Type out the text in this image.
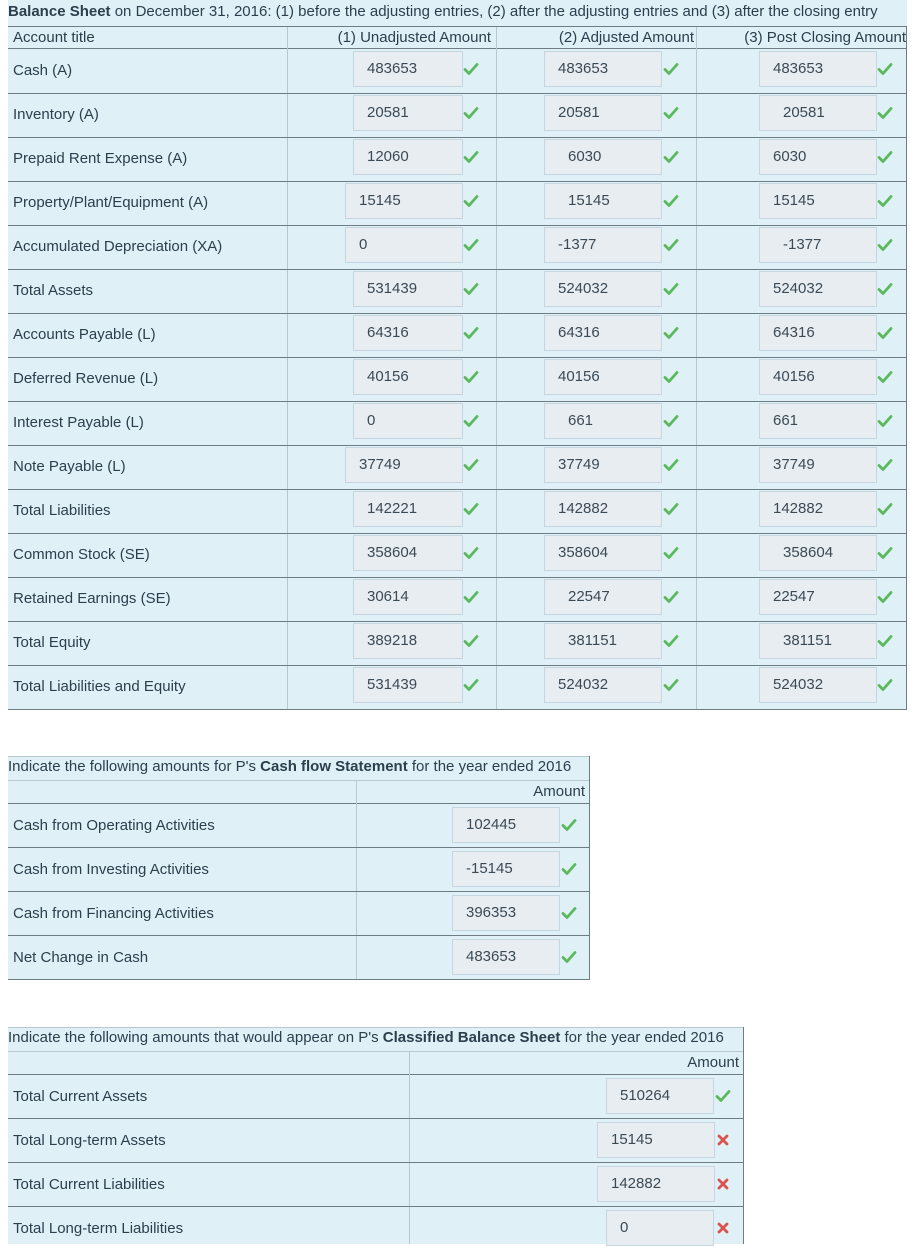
Balance Sheet on December 31, 2016: (1) before the adjusting entries, (2) after the adjusting entries and (3) after the closing entry
Account title	(1) Unadjusted Amount	(2) Adjusted Amount	(3) Post Closing Amount
Cash (A)	483653	483653	483653
Inventory (A)	20581	20581	20581
Prepaid Rent Expense (A)	12060	6030	6030
Property/Plant/Equipment (A)	15145	15145	15145
Accumulated Depreciation (XA)	0	-1377	-1377
Total Assets	531439	524032	524032
Accounts Payable (L)	64316	64316	64316
Deferred Revenue (L)	40156	40156	40156
Interest Payable (L)	0	661	661
Note Payable (L)	37749	37749	37749
Total Liabilities	142221	142882	142882
Common Stock (SE)	358604	358604	358604
Retained Earnings (SE)	30614	22547	22547
Total Equity	389218	381151	381151
Total Liabilities and Equity	531439	524032	524032
Indicate the following amounts for P's Cash flow Statement for the year ended 2016
Amount
Cash from Operating Activities	102445
Cash from Investing Activities	-15145
Cash from Financing Activities	396353
Net Change in Cash	483653
Indicate the following amounts that would appear on P's Classified Balance Sheet for the year ended 2016
Amount
Total Current Assets	510264
Total Long-term Assets	15145
Total Current Liabilities	142882
Total Long-term Liabilities	0
